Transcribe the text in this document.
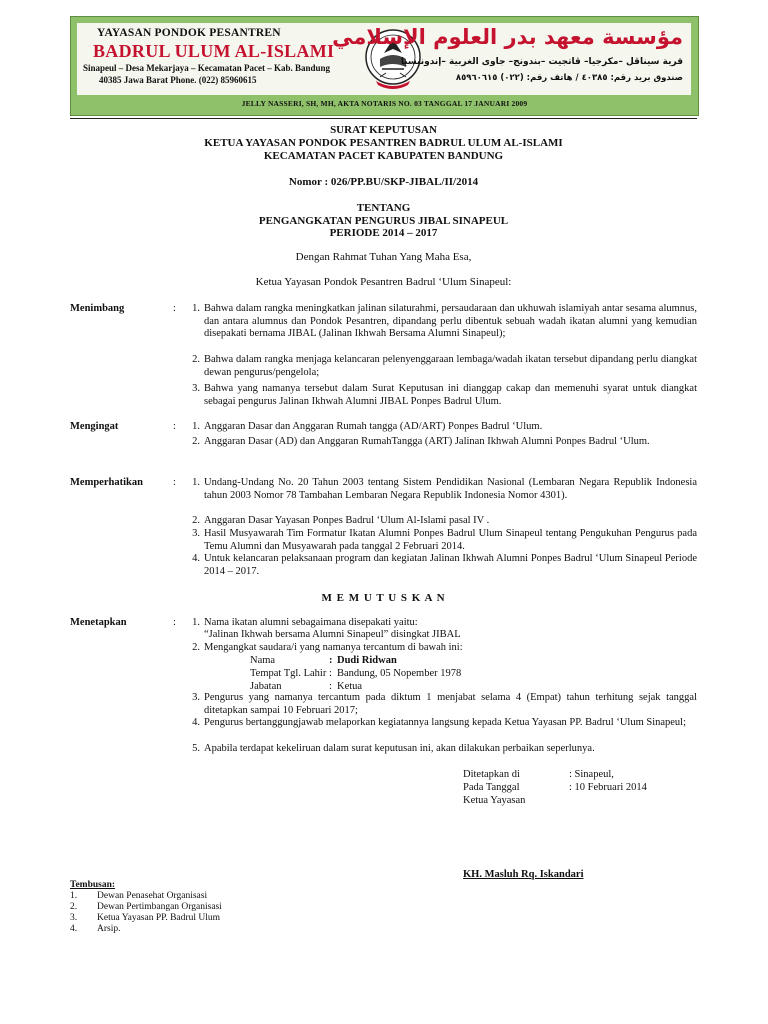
YAYASAN PONDOK PESANTREN
BADRUL ULUM AL-ISLAMI
Sinapeul – Desa Mekarjaya – Kecamatan Pacet – Kab. Bandung
40385 Jawa Barat Phone. (022) 85960615
مؤسسة معهد بدر العلوم الإسلامي
قرية سيناڤل –مكرجيا– ڤاتجيت –بندونج– جاوى الغربية –إندونيسيا
صندوق بريد رقم: ٤٠٣٨٥ / هاتف رقم: (٠٢٢) ٨٥٩٦٠٦١٥
JELLY NASSERI, SH, MH, AKTA NOTARIS NO. 03 TANGGAL 17 JANUARI 2009
SURAT KEPUTUSAN
KETUA YAYASAN PONDOK PESANTREN BADRUL ULUM AL-ISLAMI
KECAMATAN PACET KABUPATEN BANDUNG
Nomor : 026/PP.BU/SKP-JIBAL/II/2014
TENTANG
PENGANGKATAN PENGURUS JIBAL SINAPEUL
PERIODE 2014 – 2017
Dengan Rahmat Tuhan Yang Maha Esa,
Ketua Yayasan Pondok Pesantren Badrul ‘Ulum Sinapeul:
Menimbang	:	1. Bahwa dalam rangka meningkatkan jalinan silaturahmi, persaudaraan dan ukhuwah islamiyah antar sesama alumnus, dan antara alumnus dan Pondok Pesantren, dipandang perlu dibentuk sebuah wadah ikatan alumni yang kemudian disepakati bernama JIBAL (Jalinan Ikhwah Bersama Alumni Sinapeul);
2. Bahwa dalam rangka menjaga kelancaran pelenyenggaraan lembaga/wadah ikatan tersebut dipandang perlu diangkat dewan pengurus/pengelola;
3. Bahwa yang namanya tersebut dalam Surat Keputusan ini dianggap cakap dan memenuhi syarat untuk diangkat sebagai pengurus Jalinan Ikhwah Alumni JIBAL Ponpes Badrul Ulum.
Mengingat	:	1. Anggaran Dasar dan Anggaran Rumah tangga (AD/ART) Ponpes Badrul ‘Ulum.
2. Anggaran Dasar (AD) dan Anggaran RumahTangga (ART) Jalinan Ikhwah Alumni Ponpes Badrul ‘Ulum.
Memperhatikan	:	1. Undang-Undang No. 20 Tahun 2003 tentang Sistem Pendidikan Nasional (Lembaran Negara Republik Indonesia tahun 2003 Nomor 78 Tambahan Lembaran Negara Republik Indonesia Nomor 4301).
2. Anggaran Dasar Yayasan Ponpes Badrul ‘Ulum Al-Islami pasal IV .
3. Hasil Musyawarah Tim Formatur Ikatan Alumni Ponpes Badrul Ulum Sinapeul tentang Pengukuhan Pengurus pada Temu Alumni dan Musyawarah pada tanggal 2 Februari 2014.
4. Untuk kelancaran pelaksanaan program dan kegiatan Jalinan Ikhwah Alumni Ponpes Badrul ‘Ulum Sinapeul Periode 2014 – 2017.
M E M U T U S K A N
Menetapkan	:	1. Nama ikatan alumni sebagaimana disepakati yaitu:
“Jalinan Ikhwah bersama Alumni Sinapeul” disingkat JIBAL
2. Mengangkat saudara/i yang namanya tercantum di bawah ini:
Nama	: Dudi Ridwan
Tempat Tgl. Lahir : Bandung, 05 Nopember 1978
Jabatan	: Ketua
3. Pengurus yang namanya tercantum pada diktum 1 menjabat selama 4 (Empat) tahun terhitung sejak tanggal ditetapkan sampai 10 Februari 2017;
4. Pengurus bertanggungjawab melaporkan kegiatannya langsung kepada Ketua Yayasan PP. Badrul ‘Ulum Sinapeul;
5. Apabila terdapat kekeliruan dalam surat keputusan ini, akan dilakukan perbaikan seperlunya.
Ditetapkan di	: Sinapeul,
Pada Tanggal	: 10 Februari 2014
Ketua Yayasan
KH. Masluh Rq. Iskandari
Tembusan:
1. Dewan Penasehat Organisasi
2. Dewan Pertimbangan Organisasi
3. Ketua Yayasan PP. Badrul Ulum
4. Arsip.
